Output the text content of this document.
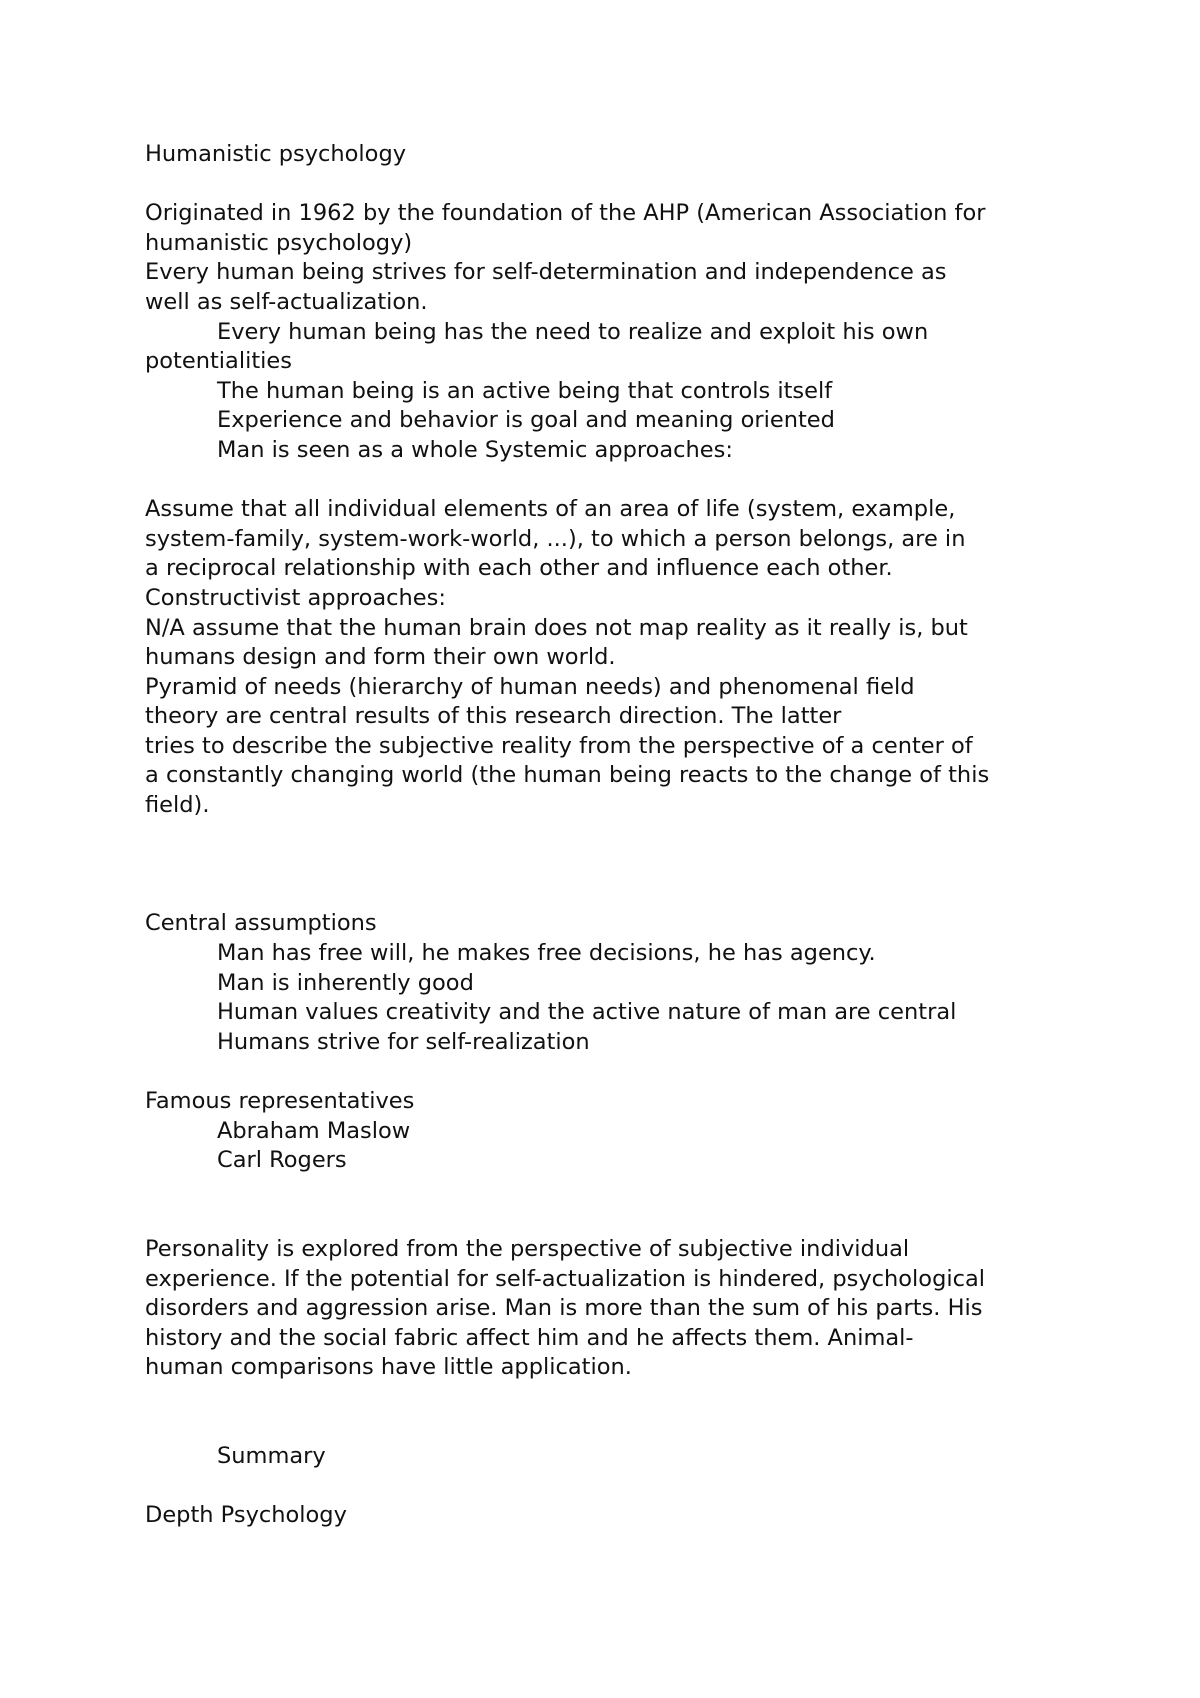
Humanistic psychology
Originated in 1962 by the foundation of the AHP (American Association for
humanistic psychology)
Every human being strives for self-determination and independence as
well as self-actualization.
Every human being has the need to realize and exploit his own
potentialities
The human being is an active being that controls itself
Experience and behavior is goal and meaning oriented
Man is seen as a whole Systemic approaches:
Assume that all individual elements of an area of life (system, example,
system-family, system-work-world, ...), to which a person belongs, are in
a reciprocal relationship with each other and influence each other.
Constructivist approaches:
N/A assume that the human brain does not map reality as it really is, but
humans design and form their own world.
Pyramid of needs (hierarchy of human needs) and phenomenal field
theory are central results of this research direction. The latter
tries to describe the subjective reality from the perspective of a center of
a constantly changing world (the human being reacts to the change of this
field).
Central assumptions
Man has free will, he makes free decisions, he has agency.
Man is inherently good
Human values creativity and the active nature of man are central
Humans strive for self-realization
Famous representatives
Abraham Maslow
Carl Rogers
Personality is explored from the perspective of subjective individual
experience. If the potential for self-actualization is hindered, psychological
disorders and aggression arise. Man is more than the sum of his parts. His
history and the social fabric affect him and he affects them. Animal-
human comparisons have little application.
Summary
Depth Psychology
